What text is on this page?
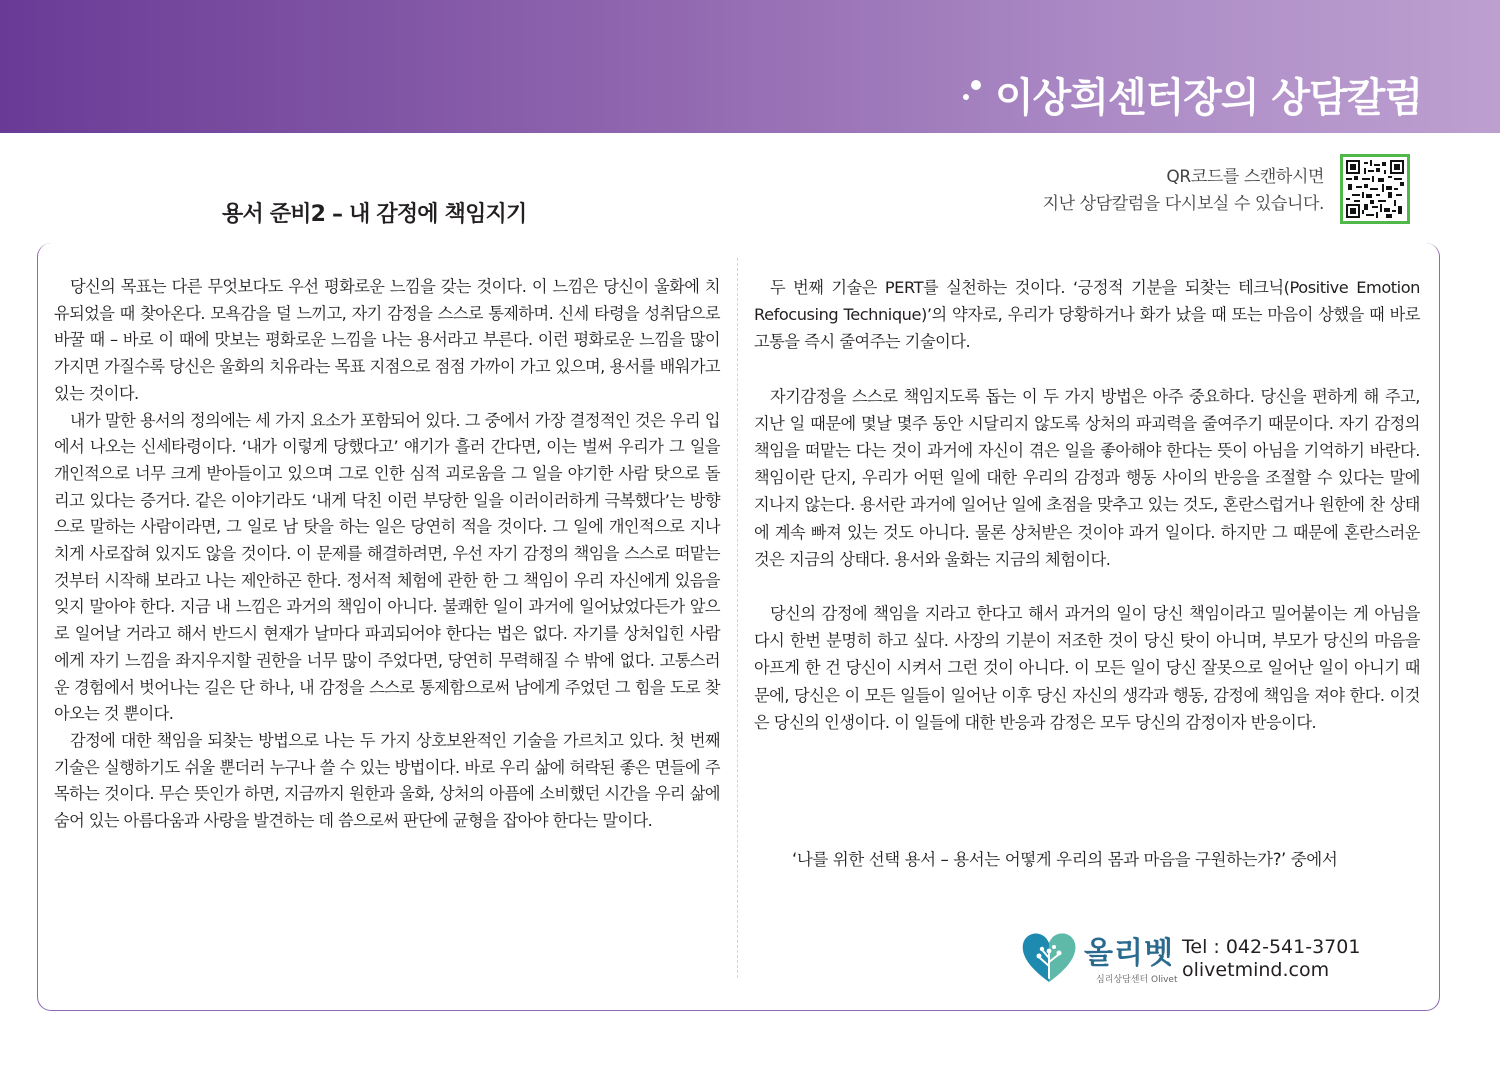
이상희센터장의 상담칼럼
용서 준비2 – 내 감정에 책임지기
QR코드를 스캔하시면
지난 상담칼럼을 다시보실 수 있습니다.

당신의 목표는 다른 무엇보다도 우선 평화로운 느낌을 갖는 것이다. 이 느낌은 당신이 울화에 치유되었을 때 찾아온다. 모욕감을 덜 느끼고, 자기 감정을 스스로 통제하며. 신세 타령을 성취담으로 바꿀 때 – 바로 이 때에 맛보는 평화로운 느낌을 나는 용서라고 부른다. 이런 평화로운 느낌을 많이 가지면 가질수록 당신은 울화의 치유라는 목표 지점으로 점점 가까이 가고 있으며, 용서를 배워가고 있는 것이다.

내가 말한 용서의 정의에는 세 가지 요소가 포함되어 있다. 그 중에서 가장 결정적인 것은 우리 입에서 나오는 신세타령이다. ‘내가 이렇게 당했다고’ 얘기가 흘러 간다면, 이는 벌써 우리가 그 일을 개인적으로 너무 크게 받아들이고 있으며 그로 인한 심적 괴로움을 그 일을 야기한 사람 탓으로 돌리고 있다는 증거다. 같은 이야기라도 ‘내게 닥친 이런 부당한 일을 이러이러하게 극복했다’는 방향으로 말하는 사람이라면, 그 일로 남 탓을 하는 일은 당연히 적을 것이다. 그 일에 개인적으로 지나치게 사로잡혀 있지도 않을 것이다. 이 문제를 해결하려면, 우선 자기 감정의 책임을 스스로 떠맡는 것부터 시작해 보라고 나는 제안하곤 한다. 정서적 체험에 관한 한 그 책임이 우리 자신에게 있음을 잊지 말아야 한다. 지금 내 느낌은 과거의 책임이 아니다. 불쾌한 일이 과거에 일어났었다든가 앞으로 일어날 거라고 해서 반드시 현재가 날마다 파괴되어야 한다는 법은 없다. 자기를 상처입힌 사람에게 자기 느낌을 좌지우지할 권한을 너무 많이 주었다면, 당연히 무력해질 수 밖에 없다. 고통스러운 경험에서 벗어나는 길은 단 하나, 내 감정을 스스로 통제함으로써 남에게 주었던 그 힘을 도로 찾아오는 것 뿐이다.

감정에 대한 책임을 되찾는 방법으로 나는 두 가지 상호보완적인 기술을 가르치고 있다. 첫 번째 기술은 실행하기도 쉬울 뿐더러 누구나 쓸 수 있는 방법이다. 바로 우리 삶에 허락된 좋은 면들에 주목하는 것이다. 무슨 뜻인가 하면, 지금까지 원한과 울화, 상처의 아픔에 소비했던 시간을 우리 삶에 숨어 있는 아름다움과 사랑을 발견하는 데 씀으로써 판단에 균형을 잡아야 한다는 말이다.

두 번째 기술은 PERT를 실천하는 것이다. ‘긍정적 기분을 되찾는 테크닉(Positive Emotion Refocusing Technique)’의 약자로, 우리가 당황하거나 화가 났을 때 또는 마음이 상했을 때 바로 고통을 즉시 줄여주는 기술이다.

자기감정을 스스로 책임지도록 돕는 이 두 가지 방법은 아주 중요하다. 당신을 편하게 해 주고, 지난 일 때문에 몇날 몇주 동안 시달리지 않도록 상처의 파괴력을 줄여주기 때문이다. 자기 감정의 책임을 떠맡는 다는 것이 과거에 자신이 겪은 일을 좋아해야 한다는 뜻이 아님을 기억하기 바란다. 책임이란 단지, 우리가 어떤 일에 대한 우리의 감정과 행동 사이의 반응을 조절할 수 있다는 말에 지나지 않는다. 용서란 과거에 일어난 일에 초점을 맞추고 있는 것도, 혼란스럽거나 원한에 찬 상태에 계속 빠져 있는 것도 아니다. 물론 상처받은 것이야 과거 일이다. 하지만 그 때문에 혼란스러운 것은 지금의 상태다. 용서와 울화는 지금의 체험이다.

당신의 감정에 책임을 지라고 한다고 해서 과거의 일이 당신 책임이라고 밀어붙이는 게 아님을 다시 한번 분명히 하고 싶다. 사장의 기분이 저조한 것이 당신 탓이 아니며, 부모가 당신의 마음을 아프게 한 건 당신이 시켜서 그런 것이 아니다. 이 모든 일이 당신 잘못으로 일어난 일이 아니기 때문에, 당신은 이 모든 일들이 일어난 이후 당신 자신의 생각과 행동, 감정에 책임을 져야 한다. 이것은 당신의 인생이다. 이 일들에 대한 반응과 감정은 모두 당신의 감정이자 반응이다.

‘나를 위한 선택 용서 – 용서는 어떻게 우리의 몸과 마음을 구원하는가?’ 중에서
올리벳
심리상담센터 Olivet
Tel : 042-541-3701
olivetmind.com
